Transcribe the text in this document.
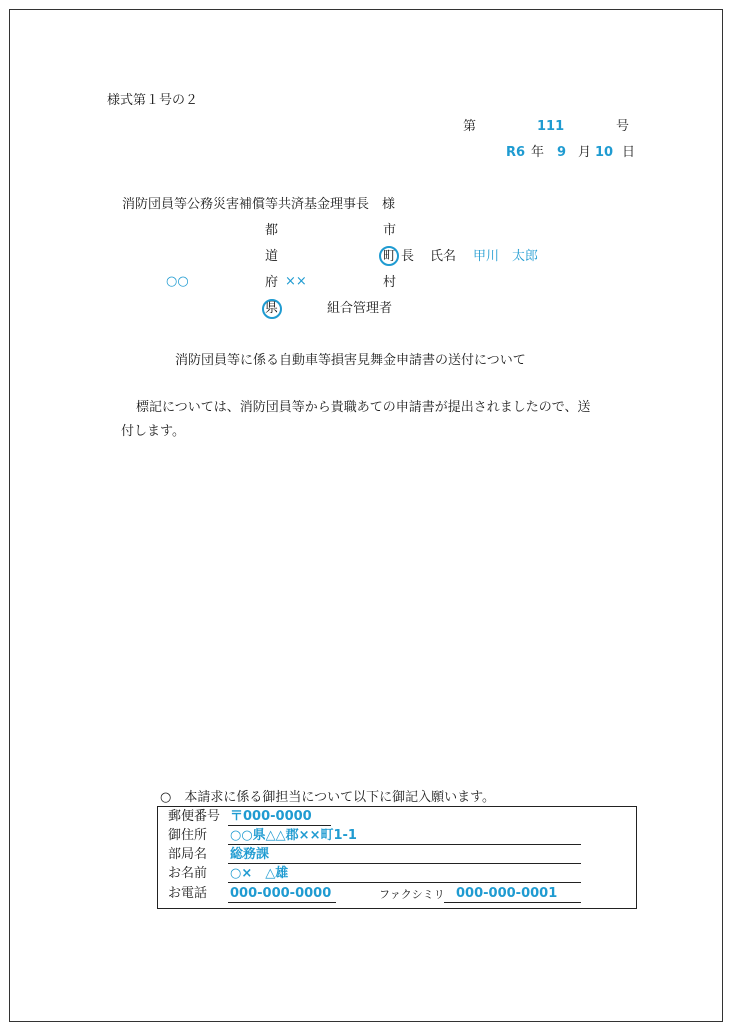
様式第１号の２
第	111	号
R6 年 9 月 10 日
消防団員等公務災害補償等共済基金理事長　様
都
道
府
県
○○	××
市
町
村
長 氏名 甲川　太郎
組合管理者
消防団員等に係る自動車等損害見舞金申請書の送付について
標記については、消防団員等から貴職あての申請書が提出されましたので、送
付します。
○　本請求に係る御担当について以下に御記入願います。
郵便番号 〒000-0000
御住所 ○○県△△郡××町1-1
部局名 総務課
お名前 ○×　△雄
お電話 000-000-0000	ファクシミリ 000-000-0001
